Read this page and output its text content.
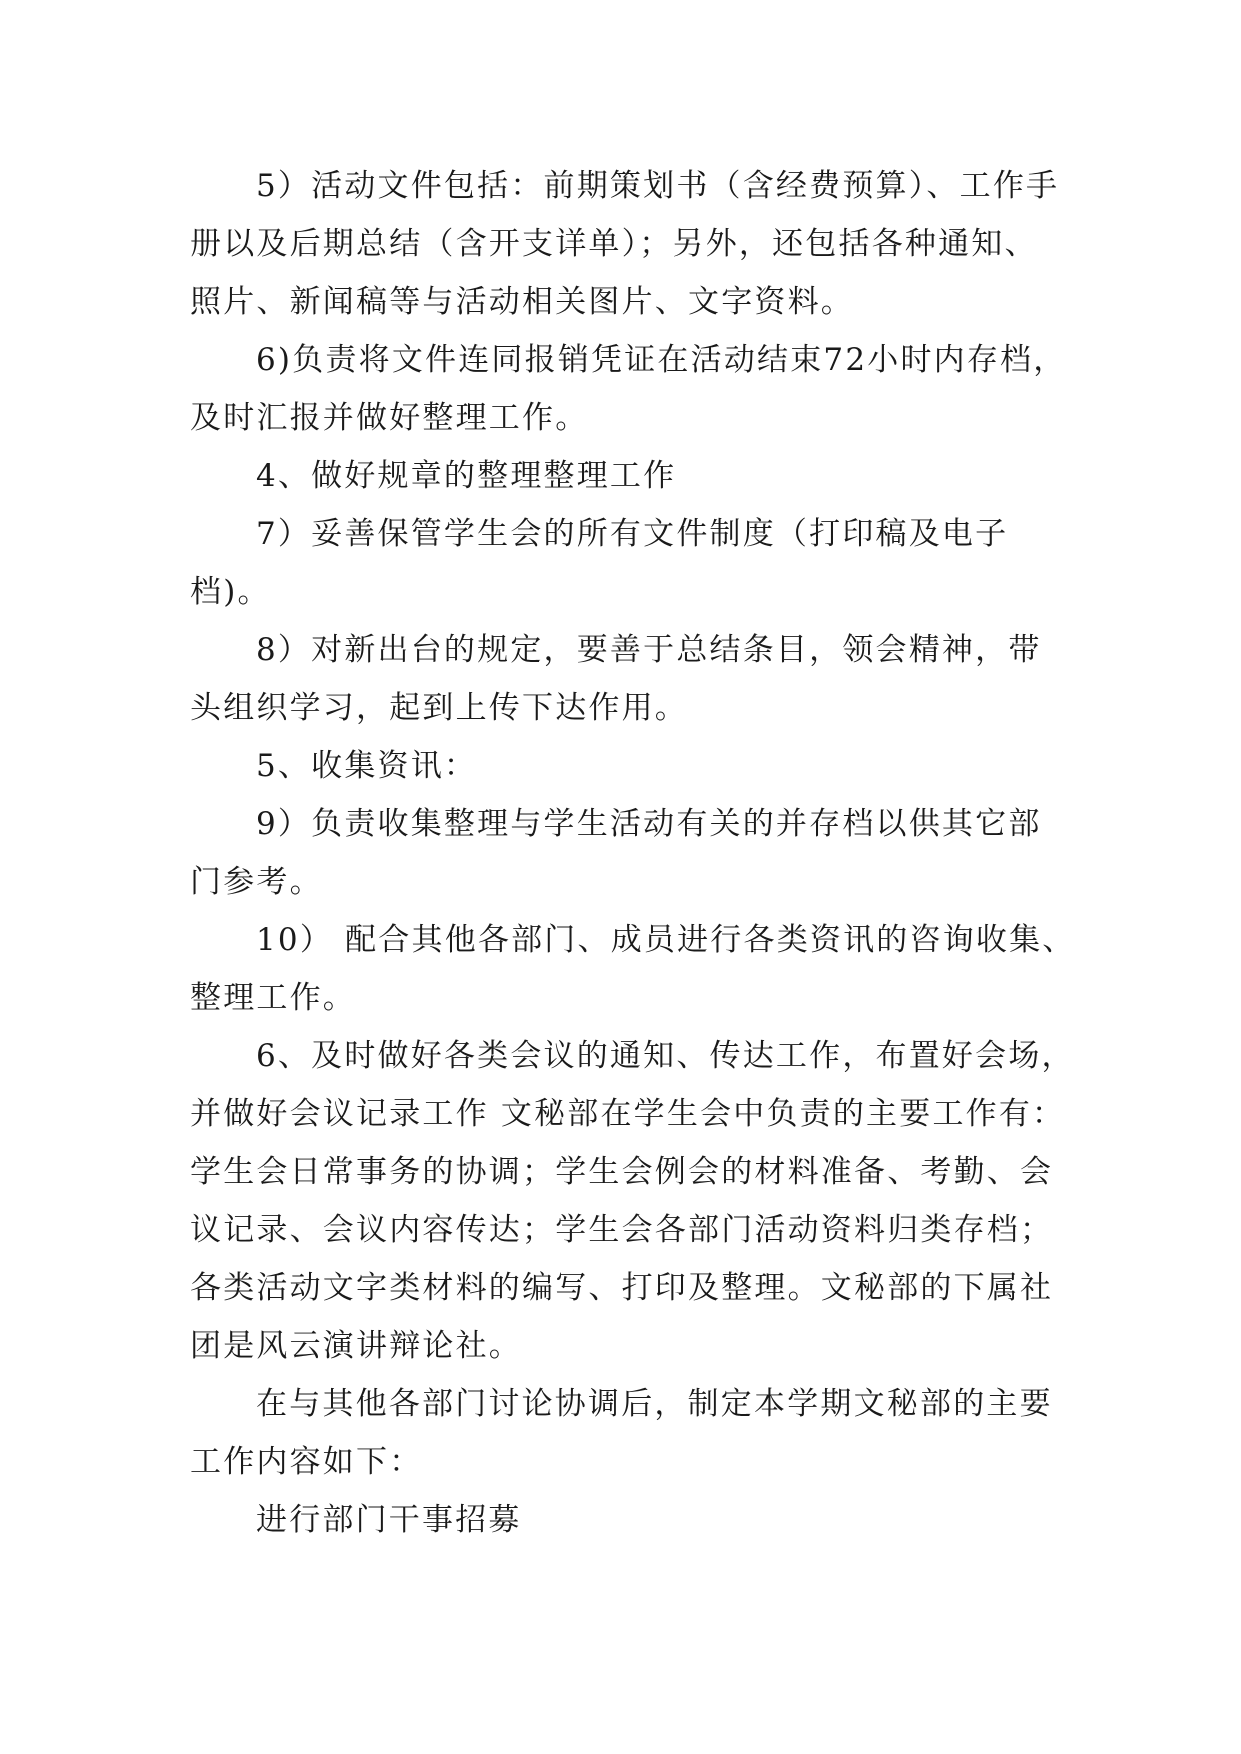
5）活动文件包括：前期策划书（含经费预算）、工作手
册以及后期总结（含开支详单）；另外，还包括各种通知、
照片、新闻稿等与活动相关图片、文字资料。
6)负责将文件连同报销凭证在活动结束72小时内存档，
及时汇报并做好整理工作。
4、做好规章的整理整理工作
7）妥善保管学生会的所有文件制度（打印稿及电子
档)。
8）对新出台的规定，要善于总结条目，领会精神，带
头组织学习，起到上传下达作用。
5、收集资讯：
9）负责收集整理与学生活动有关的并存档以供其它部
门参考。
10） 配合其他各部门、成员进行各类资讯的咨询收集、
整理工作。
6、及时做好各类会议的通知、传达工作，布置好会场，
并做好会议记录工作 文秘部在学生会中负责的主要工作有：
学生会日常事务的协调；学生会例会的材料准备、考勤、会
议记录、会议内容传达；学生会各部门活动资料归类存档；
各类活动文字类材料的编写、打印及整理。文秘部的下属社
团是风云演讲辩论社。
在与其他各部门讨论协调后，制定本学期文秘部的主要
工作内容如下：
进行部门干事招募
